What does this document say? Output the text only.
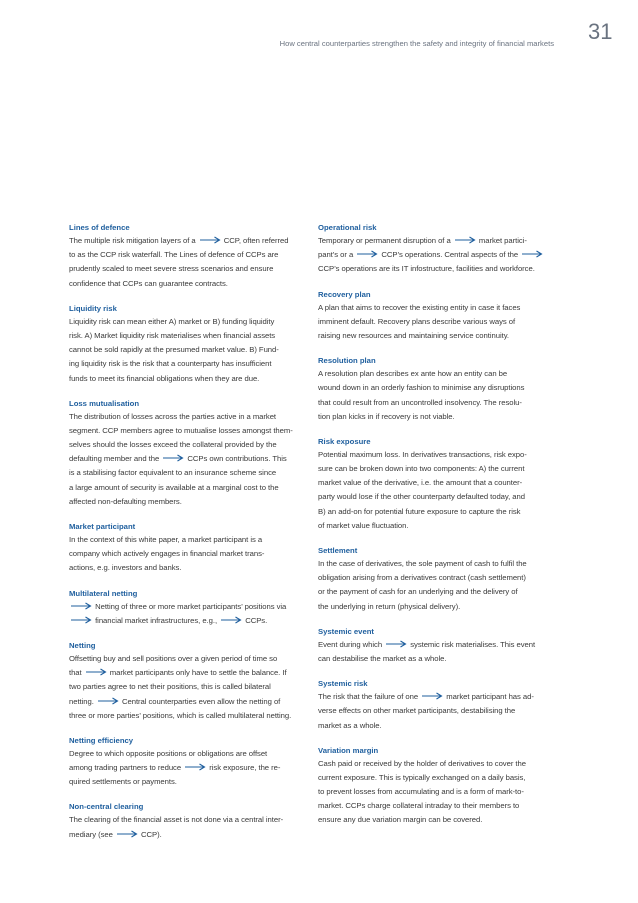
How central counterparties strengthen the safety and integrity of financial markets 31
Lines of defence
The multiple risk mitigation layers of a	CCP, often referred
to as the CCP risk waterfall. The Lines of defence of CCPs are
prudently scaled to meet severe stress scenarios and ensure
confidence that CCPs can guarantee contracts.
Liquidity risk
Liquidity risk can mean either A) market or B) funding liquidity
risk. A) Market liquidity risk materialises when financial assets
cannot be sold rapidly at the presumed market value. B) Fund-
ing liquidity risk is the risk that a counterparty has insufficient
funds to meet its financial obligations when they are due.
Loss mutualisation
The distribution of losses across the parties active in a market
segment. CCP members agree to mutualise losses amongst them-
selves should the losses exceed the collateral provided by the
defaulting member and the	CCPs own contributions. This
is a stabilising factor equivalent to an insurance scheme since
a large amount of security is available at a marginal cost to the
affected non-defaulting members.
Market participant
In the context of this white paper, a market participant is a
company which actively engages in financial market trans-
actions, e.g. investors and banks.
Multilateral netting
Netting of three or more market participants’ positions via
financial market infrastructures, e.g.,	CCPs.
Netting
Offsetting buy and sell positions over a given period of time so
that	market participants only have to settle the balance. If
two parties agree to net their positions, this is called bilateral
netting.	Central counterparties even allow the netting of
three or more parties’ positions, which is called multilateral netting.
Netting efficiency
Degree to which opposite positions or obligations are offset
among trading partners to reduce	risk exposure, the re-
quired settlements or payments.
Non-central clearing
The clearing of the financial asset is not done via a central inter-
mediary (see	CCP).
Operational risk
Temporary or permanent disruption of a	market partici-
pant’s or a	CCP’s operations. Central aspects of the
CCP’s operations are its IT infostructure, facilities and workforce.
Recovery plan
A plan that aims to recover the existing entity in case it faces
imminent default. Recovery plans describe various ways of
raising new resources and maintaining service continuity.
Resolution plan
A resolution plan describes ex ante how an entity can be
wound down in an orderly fashion to minimise any disruptions
that could result from an uncontrolled insolvency. The resolu-
tion plan kicks in if recovery is not viable.
Risk exposure
Potential maximum loss. In derivatives transactions, risk expo-
sure can be broken down into two components: A) the current
market value of the derivative, i.e. the amount that a counter-
party would lose if the other counterparty defaulted today, and
B) an add-on for potential future exposure to capture the risk
of market value fluctuation.
Settlement
In the case of derivatives, the sole payment of cash to fulfil the
obligation arising from a derivatives contract (cash settlement)
or the payment of cash for an underlying and the delivery of
the underlying in return (physical delivery).
Systemic event
Event during which	systemic risk materialises. This event
can destabilise the market as a whole.
Systemic risk
The risk that the failure of one	market participant has ad-
verse effects on other market participants, destabilising the
market as a whole.
Variation margin
Cash paid or received by the holder of derivatives to cover the
current exposure. This is typically exchanged on a daily basis,
to prevent losses from accumulating and is a form of mark-to-
market. CCPs charge collateral intraday to their members to
ensure any due variation margin can be covered.
